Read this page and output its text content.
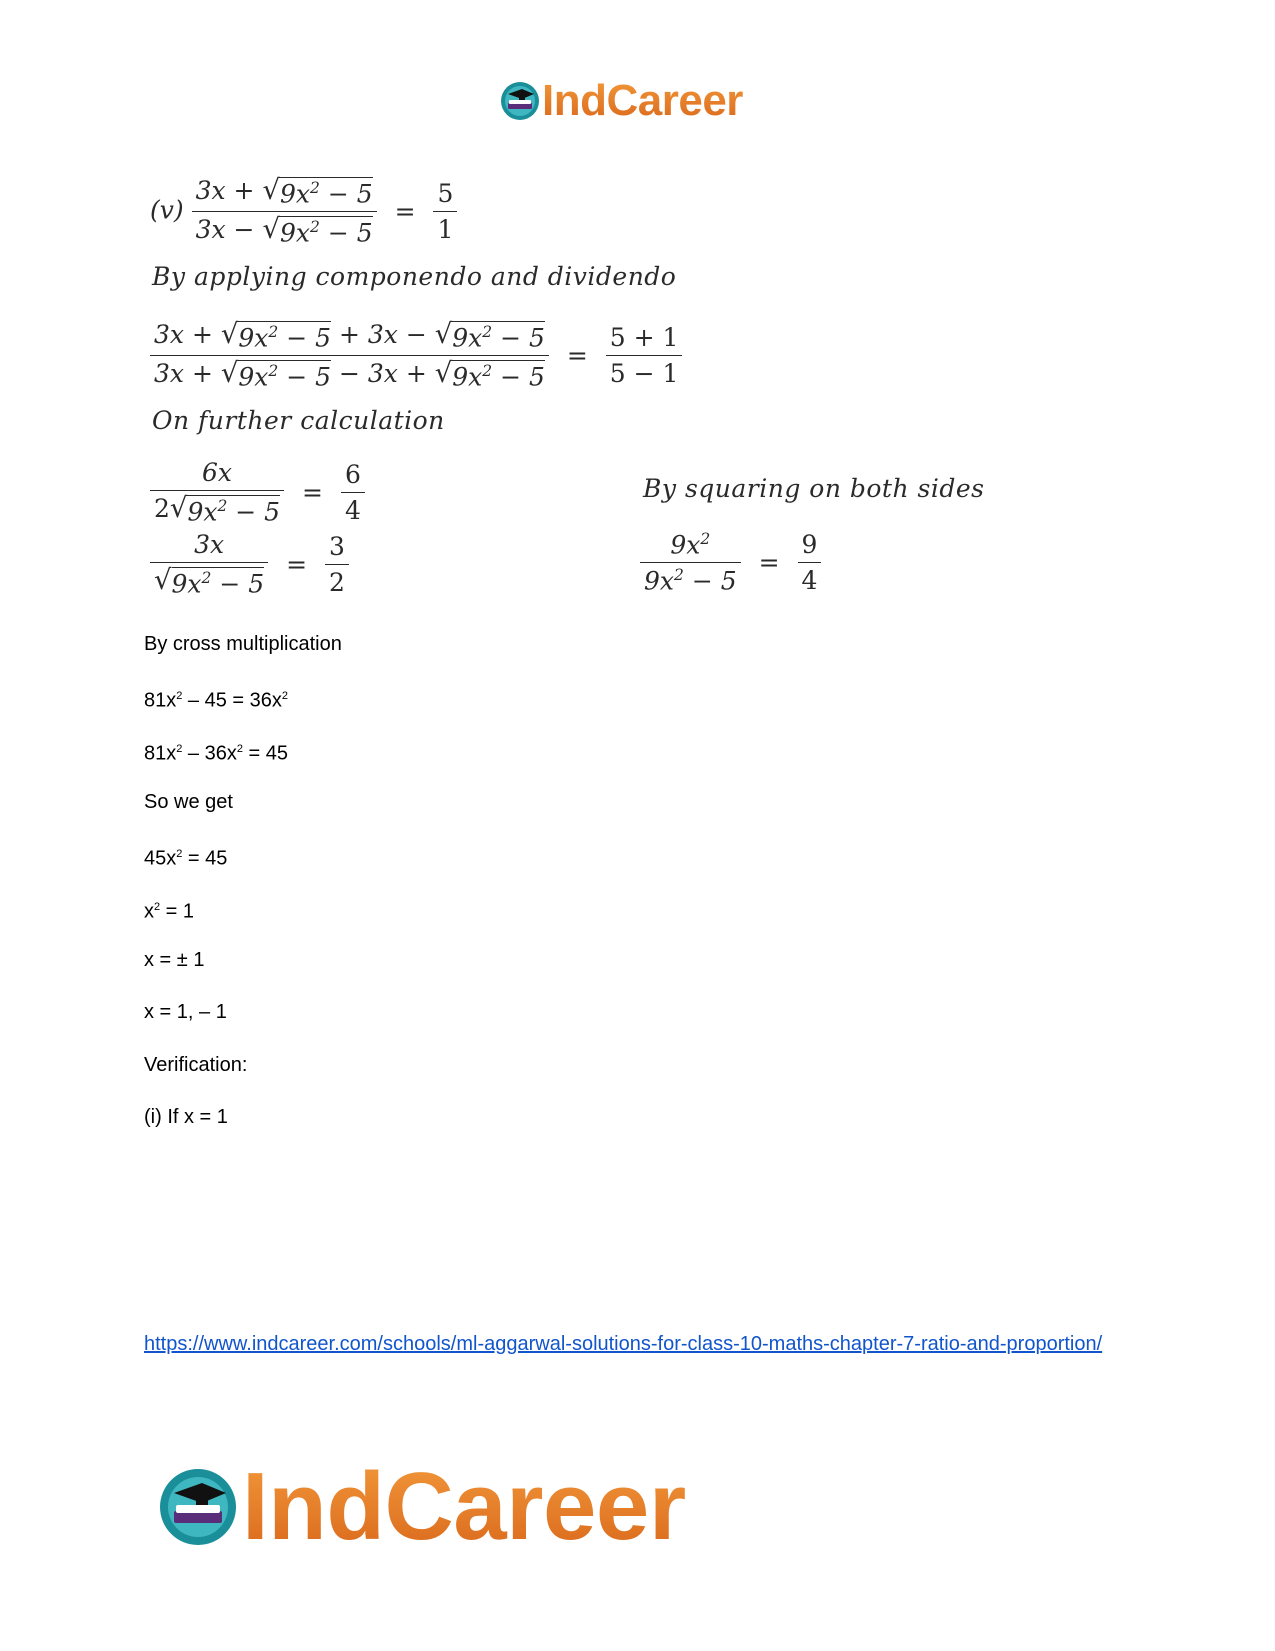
IndCareer
$(v) \frac{3x + √ 9x^2 - 5}{3x - √ 9x^2 - 5} = \frac{5}{1}$
By applying componendo and dividendo
$\frac{3x + √ 9x^2 - 5 + 3x - √ 9x^2 - 5}{3x + √ 9x^2 - 5 - 3x + √ 9x^2 - 5} = \frac{5 + 1}{5 - 1}$
On further calculation
$\frac{6x}{2 √ 9x^2 - 5} = \frac{6}{4}$
$\frac{3x}{√ 9x^2 - 5} = \frac{3}{2}$
By squaring on both sides
$\frac{9x^2}{9x^2 - 5} = \frac{9}{4}$
By cross multiplication
$81x^2 - 45 = 36x^2$
$81x^2 - 36x^2 = 45$
So we get
$45x^2 = 45$
$x^2 = 1$
x = ± 1
x = 1, – 1
Verification:
(i) If x = 1
https://www.indcareer.com/schools/ml-aggarwal-solutions-for-class-10-maths-chapter-7-ratio-and-proportion/
IndCareer
